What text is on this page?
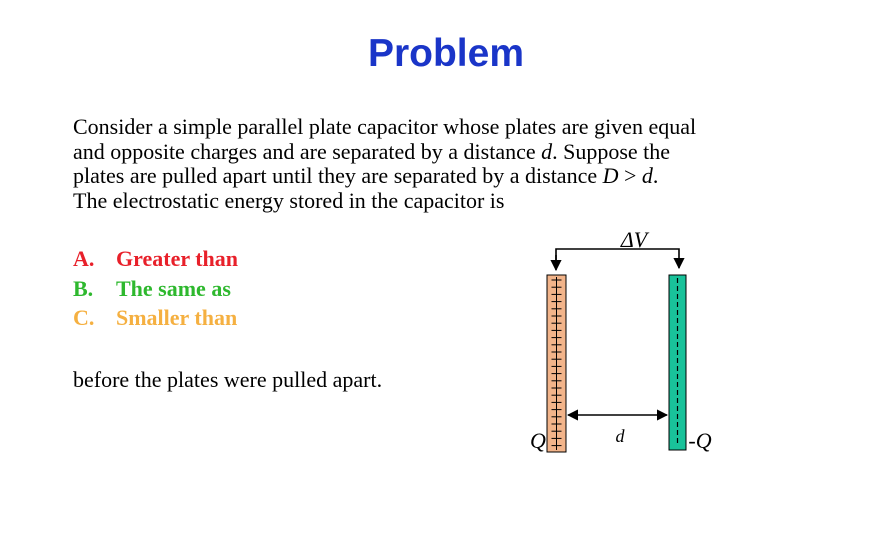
Problem

Consider a simple parallel plate capacitor whose plates are given equal
and opposite charges and are separated by a distance d. Suppose the
plates are pulled apart until they are separated by a distance D > d.
The electrostatic energy stored in the capacitor is

A. Greater than
B. The same as
C. Smaller than
before the plates were pulled apart.
ΔV
d
Q	-Q
